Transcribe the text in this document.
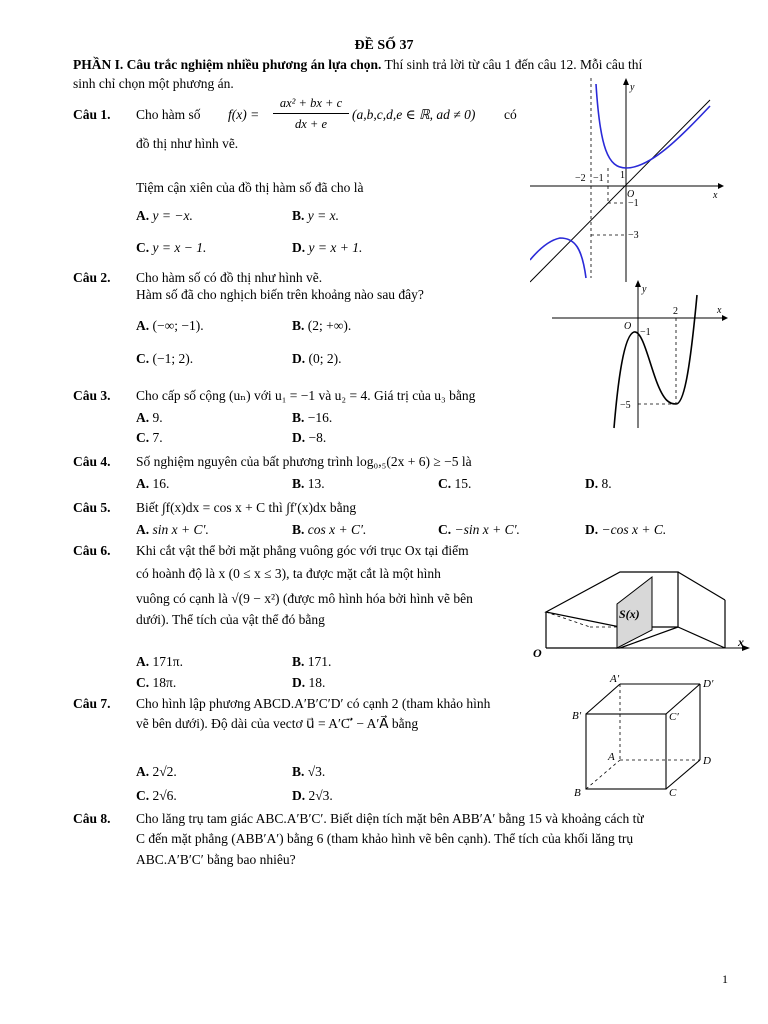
ĐỀ SỐ 37
PHẦN I. Câu trắc nghiệm nhiều phương án lựa chọn. Thí sinh trả lời từ câu 1 đến câu 12. Mỗi câu thí
sinh chỉ chọn một phương án.
Câu 1. Cho hàm số f(x) =
ax² + bx + c
dx + e
(a,b,c,d,e ∈ ℝ, ad ≠ 0) có
đồ thị như hình vẽ.
Tiệm cận xiên của đồ thị hàm số đã cho là
A. y = −x.	B. y = x.
C. y = x − 1.	D. y = x + 1.
y
x
O
−2 −1 1
−1
−3
Câu 2. Cho hàm số có đồ thị như hình vẽ.
Hàm số đã cho nghịch biến trên khoảng nào sau đây?
A. (−∞; −1).	B. (2; +∞).
C. (−1; 2).	D. (0; 2).
y
x
O
2
−1
−5
Câu 3. Cho cấp số cộng (uₙ) với u₁ = −1 và u₂ = 4. Giá trị của u₃ bằng
A. 9.	B. −16.
C. 7.	D. −8.
Câu 4. Số nghiệm nguyên của bất phương trình log₀,₅(2x + 6) ≥ −5 là
A. 16.	B. 13.	C. 15.	D. 8.
Câu 5. Biết ∫f(x)dx = cos x + C thì ∫f′(x)dx bằng
A. sin x + C′.	B. cos x + C′.	C. −sin x + C′.	D. −cos x + C.
Câu 6. Khi cắt vật thể bởi mặt phẳng vuông góc với trục Ox tại điểm
có hoành độ là x (0 ≤ x ≤ 3), ta được mặt cắt là một hình
vuông có cạnh là √(9 − x²) (được mô hình hóa bởi hình vẽ bên
dưới). Thể tích của vật thể đó bằng
A. 171π.	B. 171.
C. 18π.	D. 18.
S(x)
O
x
Câu 7. Cho hình lập phương ABCD.A′B′C′D′ có cạnh 2 (tham khảo hình
vẽ bên dưới). Độ dài của vectơ u⃗ = A′C′⃗ − A′A⃗ bằng
A. 2√2.	B. √3.
C. 2√6.	D. 2√3.
A′	D′
B′	C′
A	D
B	C
Câu 8. Cho lăng trụ tam giác ABC.A′B′C′. Biết diện tích mặt bên ABB′A′ bằng 15 và khoảng cách từ
C đến mặt phẳng (ABB′A′) bằng 6 (tham khảo hình vẽ bên cạnh). Thể tích của khối lăng trụ
ABC.A′B′C′ bằng bao nhiêu?
1
